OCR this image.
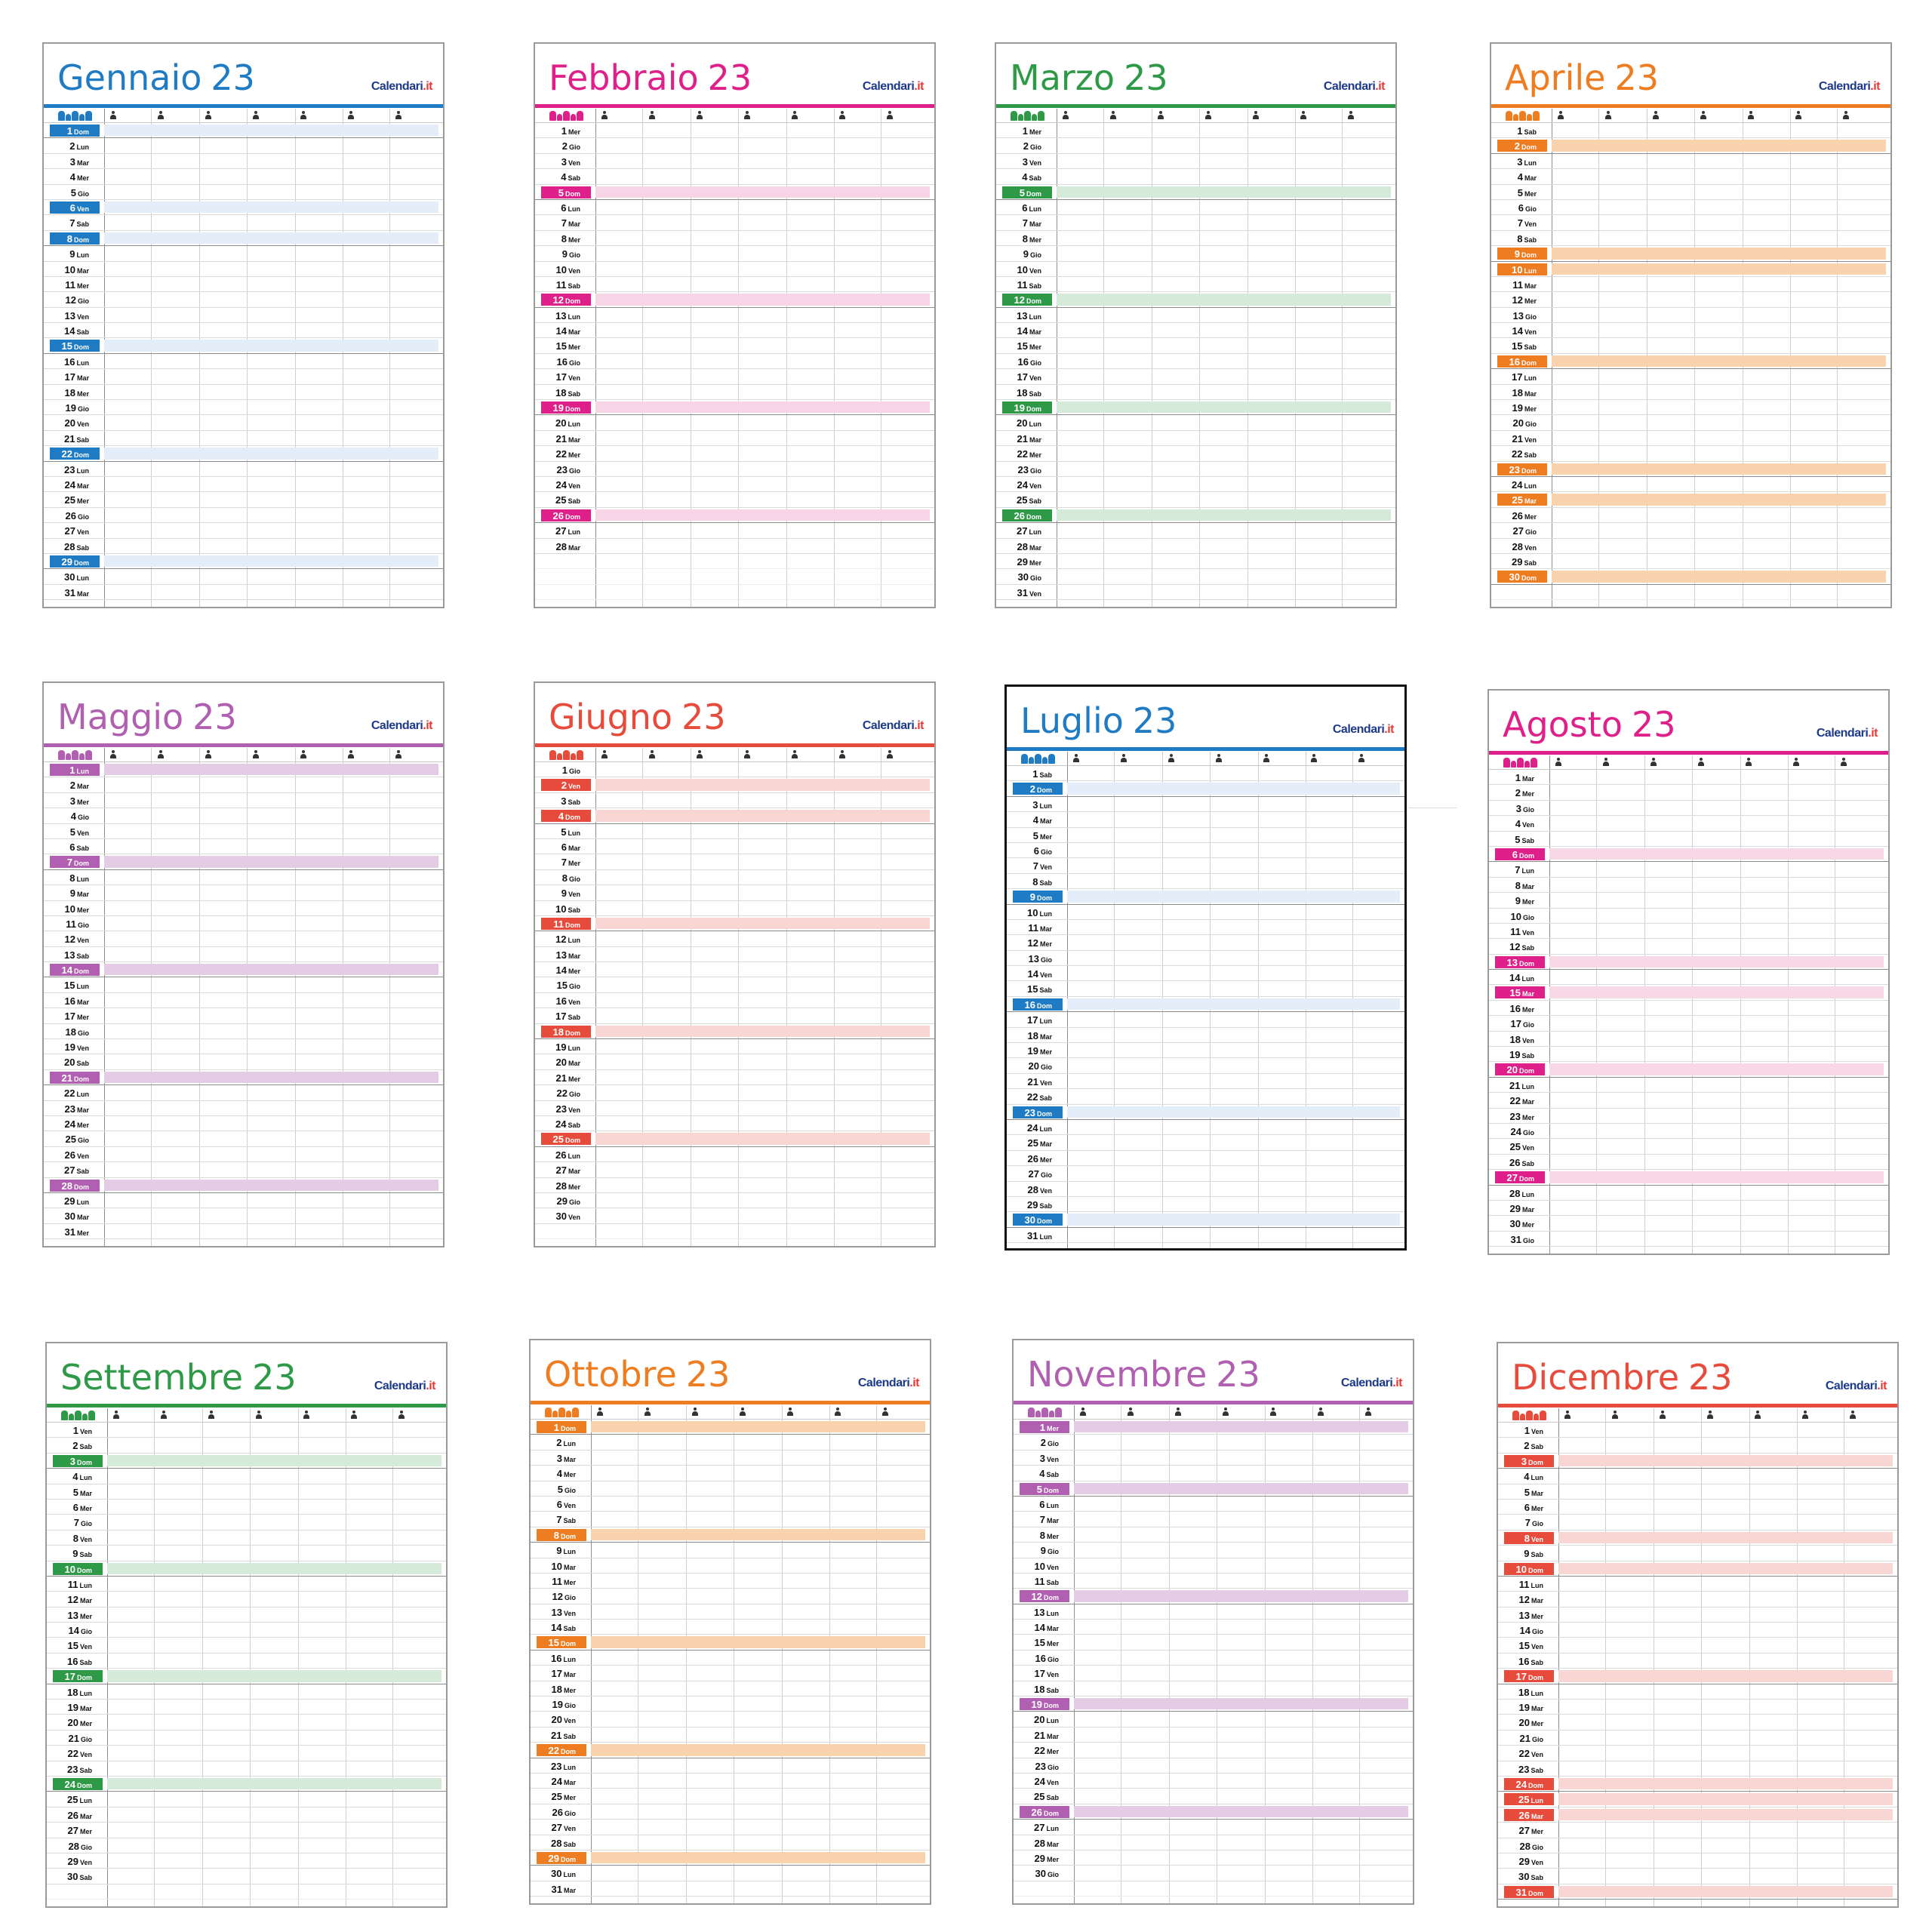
Gennaio 23	Calendari.it
1 Dom
2 Lun
3 Mar
4 Mer
5 Gio
6 Ven
7 Sab
8 Dom
9 Lun
10 Mar
11 Mer
12 Gio
13 Ven
14 Sab
15 Dom
16 Lun
17 Mar
18 Mer
19 Gio
20 Ven
21 Sab
22 Dom
23 Lun
24 Mar
25 Mer
26 Gio
27 Ven
28 Sab
29 Dom
30 Lun
31 Mar
Febbraio 23	Calendari.it
1 Mer
2 Gio
3 Ven
4 Sab
5 Dom
6 Lun
7 Mar
8 Mer
9 Gio
10 Ven
11 Sab
12 Dom
13 Lun
14 Mar
15 Mer
16 Gio
17 Ven
18 Sab
19 Dom
20 Lun
21 Mar
22 Mer
23 Gio
24 Ven
25 Sab
26 Dom
27 Lun
28 Mar
Marzo 23	Calendari.it
1 Mer
2 Gio
3 Ven
4 Sab
5 Dom
6 Lun
7 Mar
8 Mer
9 Gio
10 Ven
11 Sab
12 Dom
13 Lun
14 Mar
15 Mer
16 Gio
17 Ven
18 Sab
19 Dom
20 Lun
21 Mar
22 Mer
23 Gio
24 Ven
25 Sab
26 Dom
27 Lun
28 Mar
29 Mer
30 Gio
31 Ven
Aprile 23	Calendari.it
1 Sab
2 Dom
3 Lun
4 Mar
5 Mer
6 Gio
7 Ven
8 Sab
9 Dom
10 Lun
11 Mar
12 Mer
13 Gio
14 Ven
15 Sab
16 Dom
17 Lun
18 Mar
19 Mer
20 Gio
21 Ven
22 Sab
23 Dom
24 Lun
25 Mar
26 Mer
27 Gio
28 Ven
29 Sab
30 Dom
Maggio 23	Calendari.it
1 Lun
2 Mar
3 Mer
4 Gio
5 Ven
6 Sab
7 Dom
8 Lun
9 Mar
10 Mer
11 Gio
12 Ven
13 Sab
14 Dom
15 Lun
16 Mar
17 Mer
18 Gio
19 Ven
20 Sab
21 Dom
22 Lun
23 Mar
24 Mer
25 Gio
26 Ven
27 Sab
28 Dom
29 Lun
30 Mar
31 Mer
Giugno 23	Calendari.it
1 Gio
2 Ven
3 Sab
4 Dom
5 Lun
6 Mar
7 Mer
8 Gio
9 Ven
10 Sab
11 Dom
12 Lun
13 Mar
14 Mer
15 Gio
16 Ven
17 Sab
18 Dom
19 Lun
20 Mar
21 Mer
22 Gio
23 Ven
24 Sab
25 Dom
26 Lun
27 Mar
28 Mer
29 Gio
30 Ven
Luglio 23	Calendari.it
1 Sab
2 Dom
3 Lun
4 Mar
5 Mer
6 Gio
7 Ven
8 Sab
9 Dom
10 Lun
11 Mar
12 Mer
13 Gio
14 Ven
15 Sab
16 Dom
17 Lun
18 Mar
19 Mer
20 Gio
21 Ven
22 Sab
23 Dom
24 Lun
25 Mar
26 Mer
27 Gio
28 Ven
29 Sab
30 Dom
31 Lun
Agosto 23	Calendari.it
1 Mar
2 Mer
3 Gio
4 Ven
5 Sab
6 Dom
7 Lun
8 Mar
9 Mer
10 Gio
11 Ven
12 Sab
13 Dom
14 Lun
15 Mar
16 Mer
17 Gio
18 Ven
19 Sab
20 Dom
21 Lun
22 Mar
23 Mer
24 Gio
25 Ven
26 Sab
27 Dom
28 Lun
29 Mar
30 Mer
31 Gio
Settembre 23	Calendari.it
1 Ven
2 Sab
3 Dom
4 Lun
5 Mar
6 Mer
7 Gio
8 Ven
9 Sab
10 Dom
11 Lun
12 Mar
13 Mer
14 Gio
15 Ven
16 Sab
17 Dom
18 Lun
19 Mar
20 Mer
21 Gio
22 Ven
23 Sab
24 Dom
25 Lun
26 Mar
27 Mer
28 Gio
29 Ven
30 Sab
Ottobre 23	Calendari.it
1 Dom
2 Lun
3 Mar
4 Mer
5 Gio
6 Ven
7 Sab
8 Dom
9 Lun
10 Mar
11 Mer
12 Gio
13 Ven
14 Sab
15 Dom
16 Lun
17 Mar
18 Mer
19 Gio
20 Ven
21 Sab
22 Dom
23 Lun
24 Mar
25 Mer
26 Gio
27 Ven
28 Sab
29 Dom
30 Lun
31 Mar
Novembre 23	Calendari.it
1 Mer
2 Gio
3 Ven
4 Sab
5 Dom
6 Lun
7 Mar
8 Mer
9 Gio
10 Ven
11 Sab
12 Dom
13 Lun
14 Mar
15 Mer
16 Gio
17 Ven
18 Sab
19 Dom
20 Lun
21 Mar
22 Mer
23 Gio
24 Ven
25 Sab
26 Dom
27 Lun
28 Mar
29 Mer
30 Gio
Dicembre 23	Calendari.it
1 Ven
2 Sab
3 Dom
4 Lun
5 Mar
6 Mer
7 Gio
8 Ven
9 Sab
10 Dom
11 Lun
12 Mar
13 Mer
14 Gio
15 Ven
16 Sab
17 Dom
18 Lun
19 Mar
20 Mer
21 Gio
22 Ven
23 Sab
24 Dom
25 Lun
26 Mar
27 Mer
28 Gio
29 Ven
30 Sab
31 Dom
